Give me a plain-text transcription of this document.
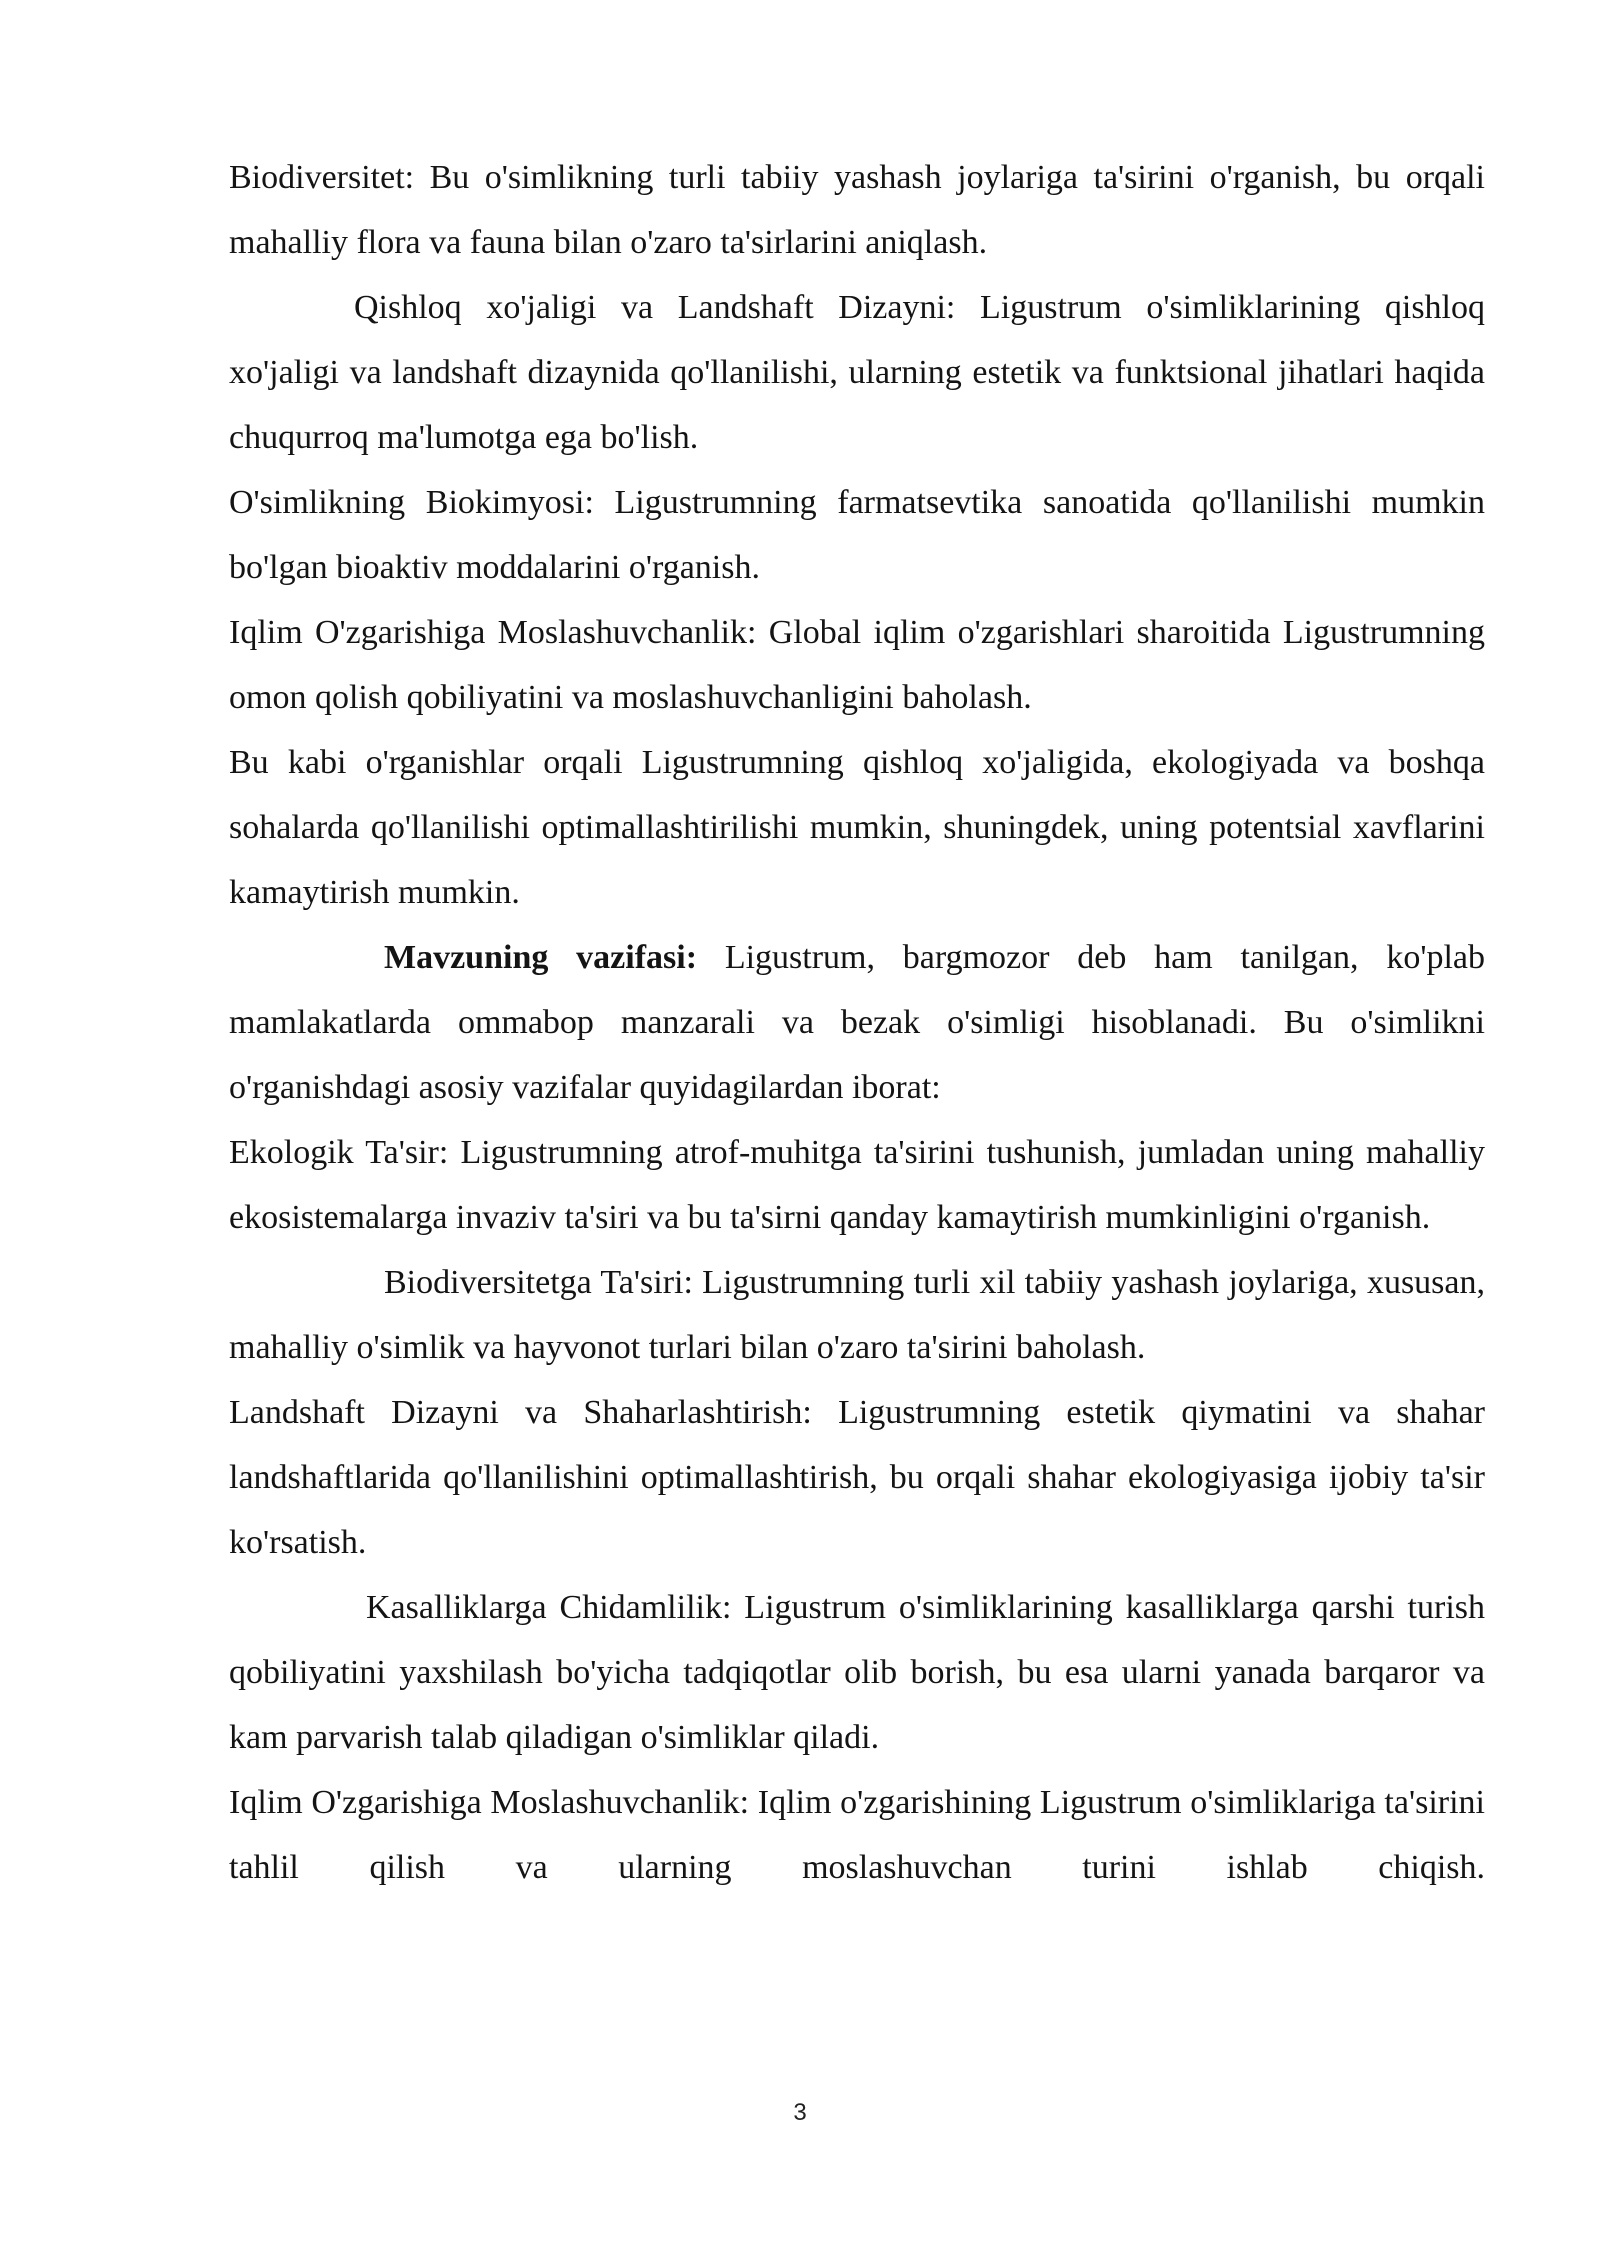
Biodiversitet: Bu o'simlikning turli tabiiy yashash joylariga ta'sirini o'rganish, bu orqali mahalliy flora va fauna bilan o'zaro ta'sirlarini aniqlash.

Qishloq xo'jaligi va Landshaft Dizayni: Ligustrum o'simliklarining qishloq xo'jaligi va landshaft dizaynida qo'llanilishi, ularning estetik va funktsional jihatlari haqida chuqurroq ma'lumotga ega bo'lish.

O'simlikning Biokimyosi: Ligustrumning farmatsevtika sanoatida qo'llanilishi mumkin bo'lgan bioaktiv moddalarini o'rganish.

Iqlim O'zgarishiga Moslashuvchanlik: Global iqlim o'zgarishlari sharoitida Ligustrumning omon qolish qobiliyatini va moslashuvchanligini baholash.

Bu kabi o'rganishlar orqali Ligustrumning qishloq xo'jaligida, ekologiyada va boshqa sohalarda qo'llanilishi optimallashtirilishi mumkin, shuningdek, uning potentsial xavflarini kamaytirish mumkin.

Mavzuning vazifasi: Ligustrum, bargmozor deb ham tanilgan, ko'plab mamlakatlarda ommabop manzarali va bezak o'simligi hisoblanadi. Bu o'simlikni o'rganishdagi asosiy vazifalar quyidagilardan iborat:

Ekologik Ta'sir: Ligustrumning atrof-muhitga ta'sirini tushunish, jumladan uning mahalliy ekosistemalarga invaziv ta'siri va bu ta'sirni qanday kamaytirish mumkinligini o'rganish.

Biodiversitetga Ta'siri: Ligustrumning turli xil tabiiy yashash joylariga, xususan, mahalliy o'simlik va hayvonot turlari bilan o'zaro ta'sirini baholash.

Landshaft Dizayni va Shaharlashtirish: Ligustrumning estetik qiymatini va shahar landshaftlarida qo'llanilishini optimallashtirish, bu orqali shahar ekologiyasiga ijobiy ta'sir ko'rsatish.

Kasalliklarga Chidamlilik: Ligustrum o'simliklarining kasalliklarga qarshi turish qobiliyatini yaxshilash bo'yicha tadqiqotlar olib borish, bu esa ularni yanada barqaror va kam parvarish talab qiladigan o'simliklar qiladi.

Iqlim O'zgarishiga Moslashuvchanlik: Iqlim o'zgarishining Ligustrum o'simliklariga ta'sirini tahlil qilish va ularning moslashuvchan turini ishlab chiqish.

3
